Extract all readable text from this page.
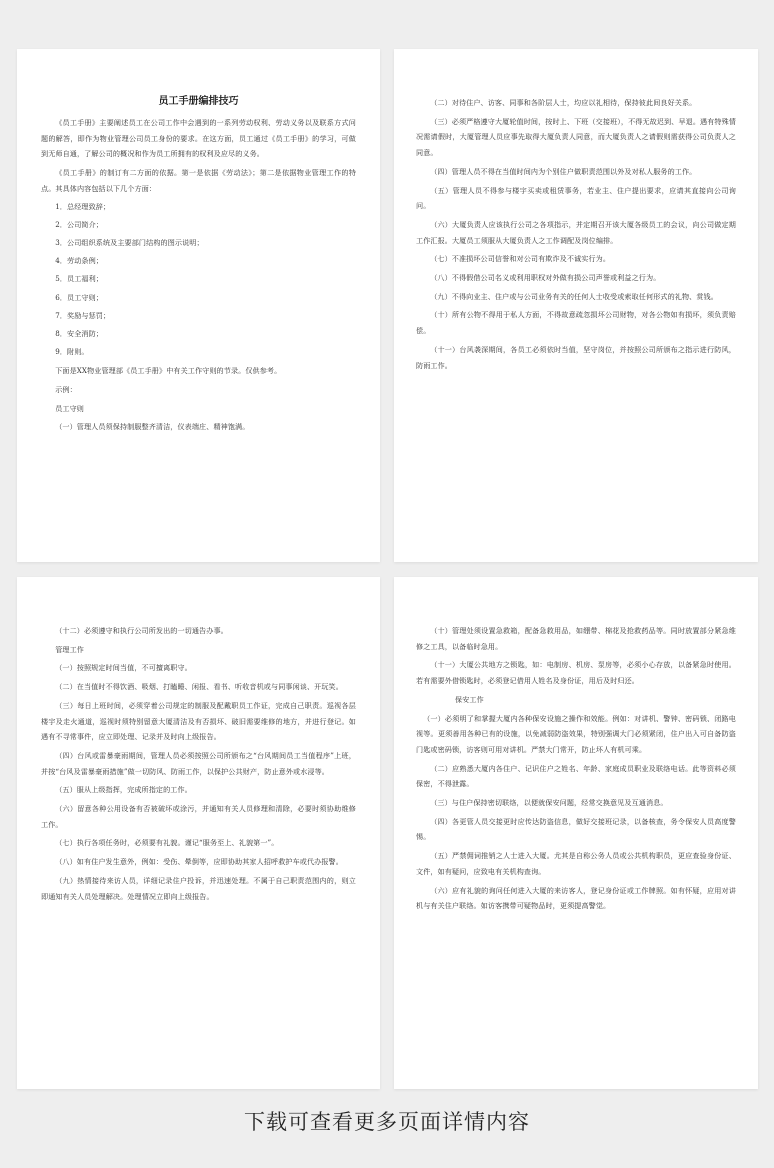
员工手册编排技巧

《员工手册》主要阐述员工在公司工作中会遇到的一系列劳动权利、劳动义务以及联系方式问题的解答，即作为物业管理公司员工身份的要求。在这方面，员工通过《员工手册》的学习，可做到无师自通，了解公司的概况和作为员工所拥有的权利及应尽的义务。

《员工手册》的制订有二方面的依据。第一是依据《劳动法》；第二是依据物业管理工作的特点。其具体内容包括以下几个方面：

1．总经理致辞；

2．公司简介；

3．公司组织系统及主要部门结构的图示说明；

4．劳动条例；

5．员工福利；

6．员工守则；

7．奖励与惩罚；

8．安全消防；

9．附则。

下面是XX物业管理部《员工手册》中有关工作守则的节录。仅供参考。

示例：

员工守则

（一）管理人员须保持制服整齐清洁，仪表端庄、精神饱满。

（二）对待住户、访客、同事和各阶层人士，均应以礼相待，保持彼此间良好关系。

（三）必须严格遵守大厦轮值时间，按时上、下班（交接班），不得无故迟到、早退。遇有特殊情况需请假时，大厦管理人员应事先取得大厦负责人同意，而大厦负责人之请假则需获得公司负责人之同意。

（四）管理人员不得在当值时间内为个别住户做职责范围以外及对私人服务的工作。

（五）管理人员不得参与楼宇买卖或租赁事务，若业主、住户提出要求，应请其直接向公司询问。

（六）大厦负责人应该执行公司之各项指示，并定期召开该大厦各级员工的会议，向公司做定期工作汇报。大厦员工须服从大厦负责人之工作调配及岗位编排。

（七）不准损坏公司信誉和对公司有欺诈及不诚实行为。

（八）不得假借公司名义或利用职权对外做有损公司声誉或利益之行为。

（九）不得向业主、住户或与公司业务有关的任何人士收受或索取任何形式的礼物、赏钱。

（十）所有公物不得用于私人方面，不得故意疏忽损坏公司财物，对各公物如有损坏，须负责赔偿。

（十一）台风袭深期间，各员工必须依时当值，坚守岗位，并按照公司所颁布之指示进行防风，防雨工作。

（十二）必须遵守和执行公司所发出的一切通告办事。

管理工作

（一）按照规定时间当值，不可擅离职守。

（二）在当值时不得饮酒、吸烟、打瞌睡、闲报、看书、听收音机或与同事闲谈、开玩笑。

（三）每日上班时间，必须穿着公司规定的制服及配戴职员工作证，完成自己职责。巡视各层楼宇及走火通道，巡视时须特别留意大厦清洁及有否损坏、破旧需要维修的地方，并进行登记。如遇有不寻常事件，应立即处理、记录并及时向上级报告。

（四）台风或雷暴豪雨期间，管理人员必须按照公司所颁布之“台风期间员工当值程序”上班，并按“台风及雷暴豪雨措施”做一切防风、防雨工作，以保护公共财产，防止意外或水浸等。

（五）服从上级指挥，完成所指定的工作。

（六）留意各种公用设备有否被破坏或涂污，并通知有关人员修理和清除，必要时须协助维修工作。

（七）执行各项任务时，必须要有礼貌。谨记“服务至上、礼貌第一”。

（八）如有住户发生意外，例如：受伤、晕倒等，应即协助其家人招呼救护车或代办报警。

（九）热情接待来访人员，详细记录住户投诉，并迅速处理。不属于自己职责范围内的，则立即通知有关人员处理解决。处理情况立即向上级报告。

（十）管理处须设置急救箱，配备急救用品，如绷带、棉花及抢救药品等。同时放置部分紧急维修之工具，以备临时急用。

（十一）大厦公共地方之锁匙，如：电制房、机房、泵房等，必须小心存放，以备紧急时使用。若有需要外借锁匙时，必须登记借用人姓名及身份证，用后及时归还。

保安工作

（一）必须明了和掌握大厦内各种保安设施之操作和效能。例如：对讲机、警钟、密码锁、闭路电视等。更须善用各种已有的设施，以免减弱防盗效果，特别强调大门必须紧闭，住户出入可自备防盗门匙或密码锁，访客则可用对讲机。严禁大门常开，防止坏人有机可乘。

（二）应熟悉大厦内各住户、记识住户之姓名、年龄、家庭成员职业及联络电话。此等资料必须保密，不得泄露。

（三）与住户保持密切联络，以便就保安问题，经常交换意见及互通消息。

（四）各更管人员交接更时应传达防盗信息，做好交接班记录，以备核查，务令保安人员高度警惕。

（五）严禁佣词推销之人士进入大厦。尤其是自称公务人员或公共机构职员，更应查验身份证、文件，如有疑问，应致电有关机构查询。

（六）应有礼貌的询问任何进入大厦的来访客人，登记身份证或工作牌照。如有怀疑，应用对讲机与有关住户联络。如访客携带可疑物品时，更须提高警觉。

下载可查看更多页面详情内容
